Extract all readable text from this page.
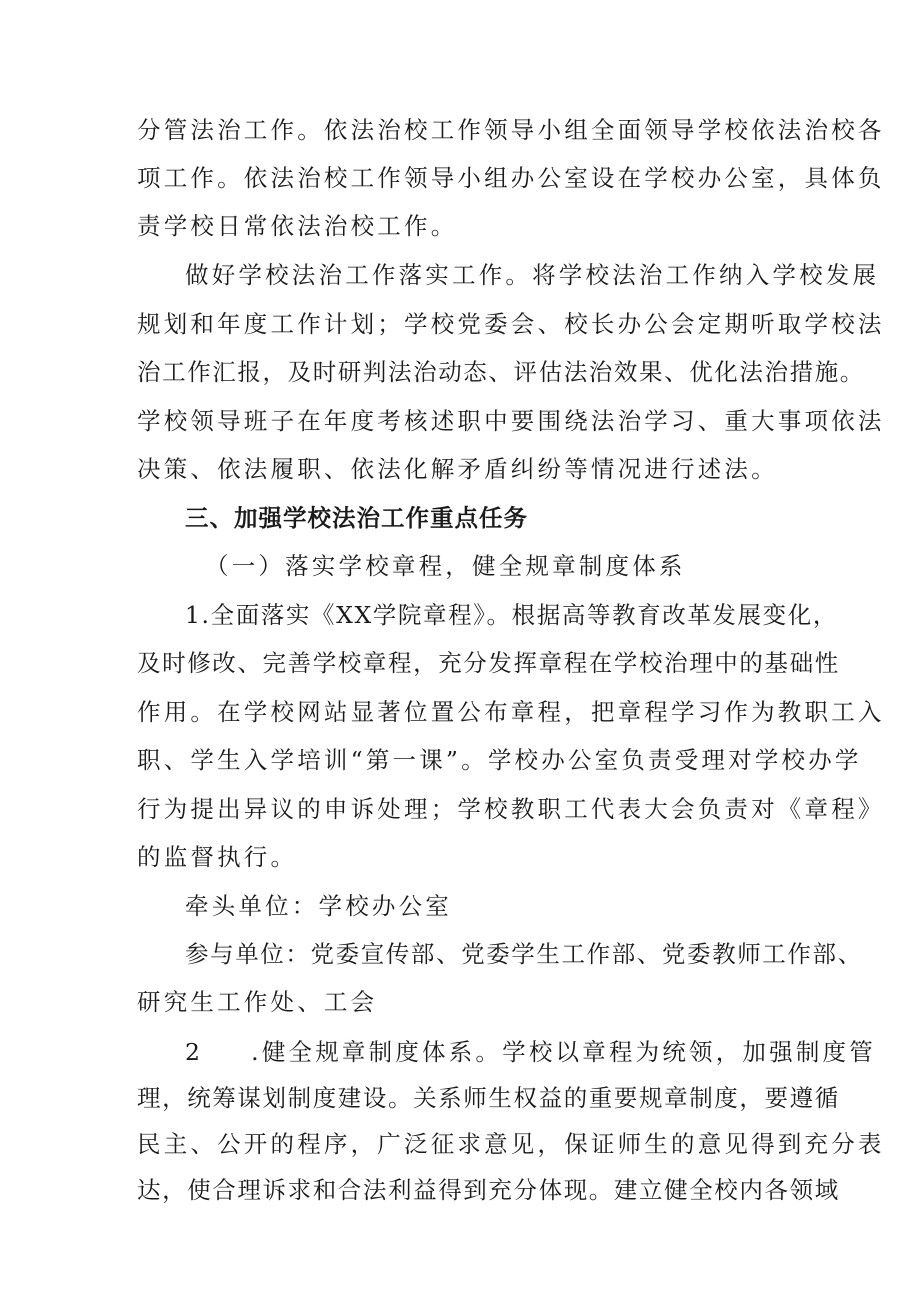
分管法治工作。依法治校工作领导小组全面领导学校依法治校各
项工作。依法治校工作领导小组办公室设在学校办公室，具体负
责学校日常依法治校工作。
做好学校法治工作落实工作。将学校法治工作纳入学校发展
规划和年度工作计划；学校党委会、校长办公会定期听取学校法
治工作汇报，及时研判法治动态、评估法治效果、优化法治措施。
学校领导班子在年度考核述职中要围绕法治学习、重大事项依法
决策、依法履职、依法化解矛盾纠纷等情况进行述法。
三、加强学校法治工作重点任务
（一）落实学校章程，健全规章制度体系
1.全面落实《XX学院章程》。根据高等教育改革发展变化，
及时修改、完善学校章程，充分发挥章程在学校治理中的基础性
作用。在学校网站显著位置公布章程，把章程学习作为教职工入
职、学生入学培训“第一课”。学校办公室负责受理对学校办学
行为提出异议的申诉处理；学校教职工代表大会负责对《章程》
的监督执行。
牵头单位：学校办公室
参与单位：党委宣传部、党委学生工作部、党委教师工作部、
研究生工作处、工会
2 .健全规章制度体系。学校以章程为统领，加强制度管
理，统筹谋划制度建设。关系师生权益的重要规章制度，要遵循
民主、公开的程序，广泛征求意见，保证师生的意见得到充分表
达，使合理诉求和合法利益得到充分体现。建立健全校内各领域
